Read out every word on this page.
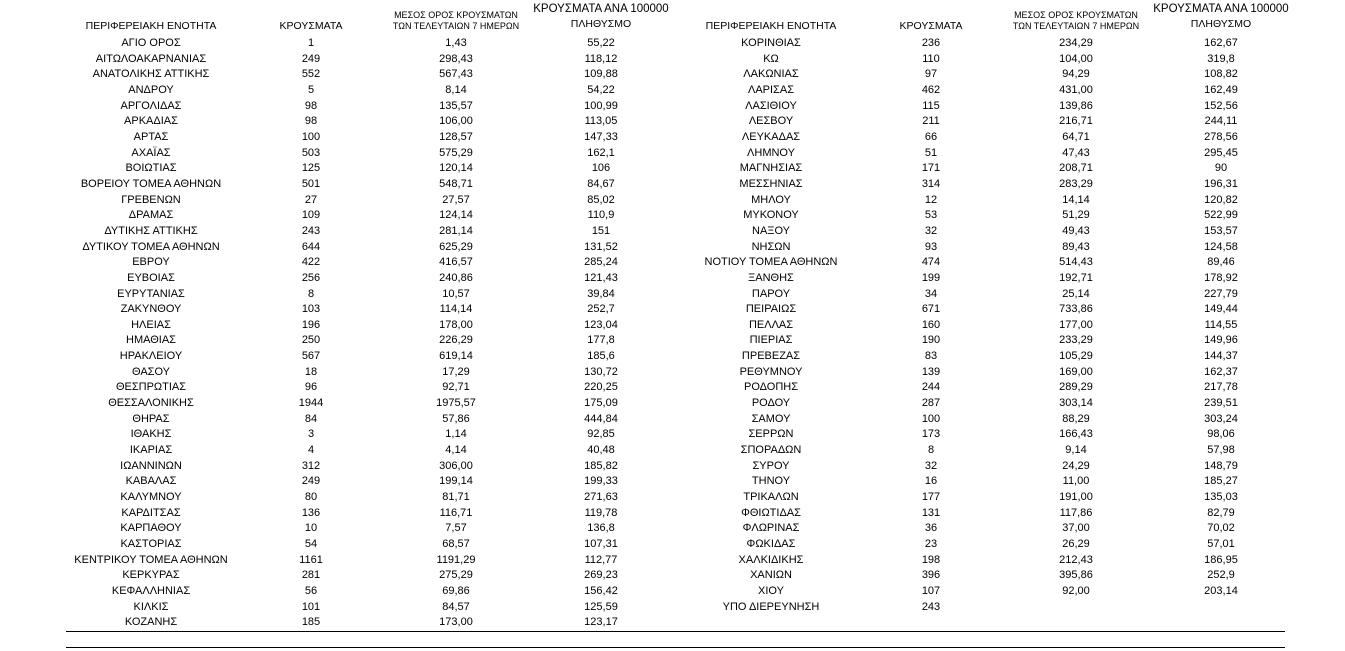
ΠΕΡΙΦΕΡΕΙΑΚΗ ΕΝΟΤΗΤΑ	ΚΡΟΥΣΜΑΤΑ
ΜΕΣΟΣ ΟΡΟΣ ΚΡΟΥΣΜΑΤΩΝ
ΤΩΝ ΤΕΛΕΥΤΑΙΩΝ 7 ΗΜΕΡΩΝ
ΚΡΟΥΣΜΑΤΑ ΑΝΑ 100000
ΠΛΗΘΥΣΜΟ
ΑΓΙΟ ΟΡΟΣ	1	1,43	55,22
ΑΙΤΩΛΟΑΚΑΡΝΑΝΙΑΣ	249	298,43	118,12
ΑΝΑΤΟΛΙΚΗΣ ΑΤΤΙΚΗΣ	552	567,43	109,88
ΑΝΔΡΟΥ	5	8,14	54,22
ΑΡΓΟΛΙΔΑΣ	98	135,57	100,99
ΑΡΚΑΔΙΑΣ	98	106,00	113,05
ΑΡΤΑΣ	100	128,57	147,33
ΑΧΑΪΑΣ	503	575,29	162,1
ΒΟΙΩΤΙΑΣ	125	120,14	106
ΒΟΡΕΙΟΥ ΤΟΜΕΑ ΑΘΗΝΩΝ	501	548,71	84,67
ΓΡΕΒΕΝΩΝ	27	27,57	85,02
ΔΡΑΜΑΣ	109	124,14	110,9
ΔΥΤΙΚΗΣ ΑΤΤΙΚΗΣ	243	281,14	151
ΔΥΤΙΚΟΥ ΤΟΜΕΑ ΑΘΗΝΩΝ	644	625,29	131,52
ΕΒΡΟΥ	422	416,57	285,24
ΕΥΒΟΙΑΣ	256	240,86	121,43
ΕΥΡΥΤΑΝΙΑΣ	8	10,57	39,84
ΖΑΚΥΝΘΟΥ	103	114,14	252,7
ΗΛΕΙΑΣ	196	178,00	123,04
ΗΜΑΘΙΑΣ	250	226,29	177,8
ΗΡΑΚΛΕΙΟΥ	567	619,14	185,6
ΘΑΣΟΥ	18	17,29	130,72
ΘΕΣΠΡΩΤΙΑΣ	96	92,71	220,25
ΘΕΣΣΑΛΟΝΙΚΗΣ	1944	1975,57	175,09
ΘΗΡΑΣ	84	57,86	444,84
ΙΘΑΚΗΣ	3	1,14	92,85
ΙΚΑΡΙΑΣ	4	4,14	40,48
ΙΩΑΝΝΙΝΩΝ	312	306,00	185,82
ΚΑΒΑΛΑΣ	249	199,14	199,33
ΚΑΛΥΜΝΟΥ	80	81,71	271,63
ΚΑΡΔΙΤΣΑΣ	136	116,71	119,78
ΚΑΡΠΑΘΟΥ	10	7,57	136,8
ΚΑΣΤΟΡΙΑΣ	54	68,57	107,31
ΚΕΝΤΡΙΚΟΥ ΤΟΜΕΑ ΑΘΗΝΩΝ	1161	1191,29	112,77
ΚΕΡΚΥΡΑΣ	281	275,29	269,23
ΚΕΦΑΛΛΗΝΙΑΣ	56	69,86	156,42
ΚΙΛΚΙΣ	101	84,57	125,59
ΚΟΖΑΝΗΣ	185	173,00	123,17
ΠΕΡΙΦΕΡΕΙΑΚΗ ΕΝΟΤΗΤΑ	ΚΡΟΥΣΜΑΤΑ
ΜΕΣΟΣ ΟΡΟΣ ΚΡΟΥΣΜΑΤΩΝ
ΤΩΝ ΤΕΛΕΥΤΑΙΩΝ 7 ΗΜΕΡΩΝ
ΚΡΟΥΣΜΑΤΑ ΑΝΑ 100000
ΠΛΗΘΥΣΜΟ
ΚΟΡΙΝΘΙΑΣ	236	234,29	162,67
ΚΩ	110	104,00	319,8
ΛΑΚΩΝΙΑΣ	97	94,29	108,82
ΛΑΡΙΣΑΣ	462	431,00	162,49
ΛΑΣΙΘΙΟΥ	115	139,86	152,56
ΛΕΣΒΟΥ	211	216,71	244,11
ΛΕΥΚΑΔΑΣ	66	64,71	278,56
ΛΗΜΝΟΥ	51	47,43	295,45
ΜΑΓΝΗΣΙΑΣ	171	208,71	90
ΜΕΣΣΗΝΙΑΣ	314	283,29	196,31
ΜΗΛΟΥ	12	14,14	120,82
ΜΥΚΟΝΟΥ	53	51,29	522,99
ΝΑΞΟΥ	32	49,43	153,57
ΝΗΣΩΝ	93	89,43	124,58
ΝΟΤΙΟΥ ΤΟΜΕΑ ΑΘΗΝΩΝ	474	514,43	89,46
ΞΑΝΘΗΣ	199	192,71	178,92
ΠΑΡΟΥ	34	25,14	227,79
ΠΕΙΡΑΙΩΣ	671	733,86	149,44
ΠΕΛΛΑΣ	160	177,00	114,55
ΠΙΕΡΙΑΣ	190	233,29	149,96
ΠΡΕΒΕΖΑΣ	83	105,29	144,37
ΡΕΘΥΜΝΟΥ	139	169,00	162,37
ΡΟΔΟΠΗΣ	244	289,29	217,78
ΡΟΔΟΥ	287	303,14	239,51
ΣΑΜΟΥ	100	88,29	303,24
ΣΕΡΡΩΝ	173	166,43	98,06
ΣΠΟΡΑΔΩΝ	8	9,14	57,98
ΣΥΡΟΥ	32	24,29	148,79
ΤΗΝΟΥ	16	11,00	185,27
ΤΡΙΚΑΛΩΝ	177	191,00	135,03
ΦΘΙΩΤΙΔΑΣ	131	117,86	82,79
ΦΛΩΡΙΝΑΣ	36	37,00	70,02
ΦΩΚΙΔΑΣ	23	26,29	57,01
ΧΑΛΚΙΔΙΚΗΣ	198	212,43	186,95
ΧΑΝΙΩΝ	396	395,86	252,9
ΧΙΟΥ	107	92,00	203,14
ΥΠΟ ΔΙΕΡΕΥΝΗΣΗ	243
